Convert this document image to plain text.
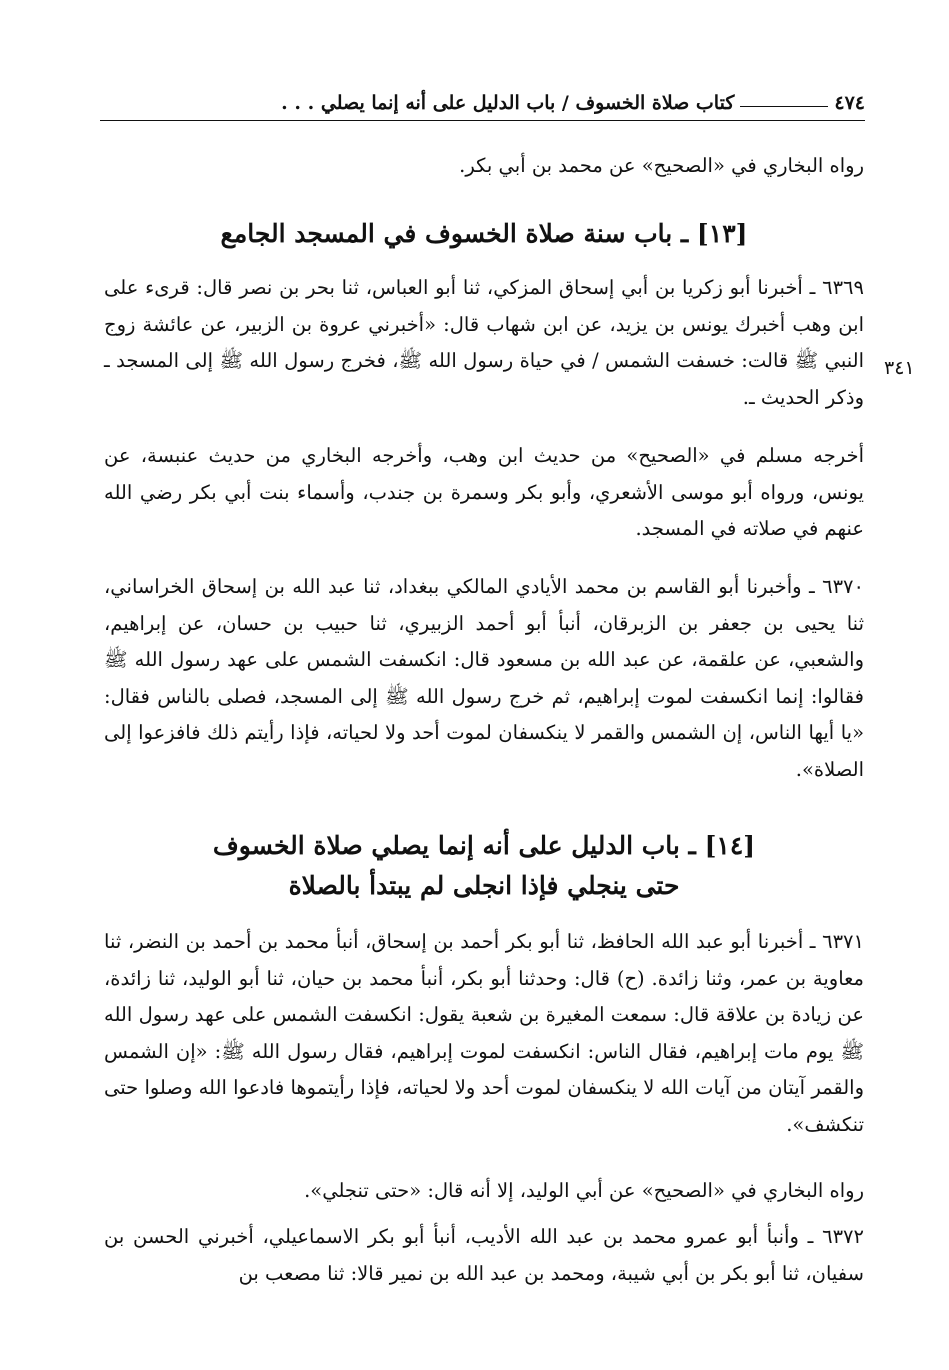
٤٧٤
كتاب صلاة الخسوف / باب الدليل على أنه إنما يصلي . . .
٣٤١

رواه البخاري في «الصحيح» عن محمد بن أبي بكر.

[١٣] ـ باب سنة صلاة الخسوف في المسجد الجامع

٦٣٦٩ ـ أخبرنا أبو زكريا بن أبي إسحاق المزكي، ثنا أبو العباس، ثنا بحر بن نصر قال: قرىء على ابن وهب أخبرك يونس بن يزيد، عن ابن شهاب قال: «أخبرني عروة بن الزبير، عن عائشة زوج النبي ﷺ قالت: خسفت الشمس / في حياة رسول الله ﷺ، فخرج رسول الله ﷺ إلى المسجد ـ وذكر الحديث ـ.

أخرجه مسلم في «الصحيح» من حديث ابن وهب، وأخرجه البخاري من حديث عنبسة، عن يونس، ورواه أبو موسى الأشعري، وأبو بكر وسمرة بن جندب، وأسماء بنت أبي بكر رضي الله عنهم في صلاته في المسجد.

٦٣٧٠ ـ وأخبرنا أبو القاسم بن محمد الأيادي المالكي ببغداد، ثنا عبد الله بن إسحاق الخراساني، ثنا يحيى بن جعفر بن الزبرقان، أنبأ أبو أحمد الزبيري، ثنا حبيب بن حسان، عن إبراهيم، والشعبي، عن علقمة، عن عبد الله بن مسعود قال: انكسفت الشمس على عهد رسول الله ﷺ فقالوا: إنما انكسفت لموت إبراهيم، ثم خرج رسول الله ﷺ إلى المسجد، فصلى بالناس فقال: «يا أيها الناس، إن الشمس والقمر لا ينكسفان لموت أحد ولا لحياته، فإذا رأيتم ذلك فافزعوا إلى الصلاة».

[١٤] ـ باب الدليل على أنه إنما يصلي صلاة الخسوف
حتى ينجلي فإذا انجلى لم يبتدأ بالصلاة

٦٣٧١ ـ أخبرنا أبو عبد الله الحافظ، ثنا أبو بكر أحمد بن إسحاق، أنبأ محمد بن أحمد بن النضر، ثنا معاوية بن عمر، وثنا زائدة. (ح) قال: وحدثنا أبو بكر، أنبأ محمد بن حيان، ثنا أبو الوليد، ثنا زائدة، عن زيادة بن علاقة قال: سمعت المغيرة بن شعبة يقول: انكسفت الشمس على عهد رسول الله ﷺ يوم مات إبراهيم، فقال الناس: انكسفت لموت إبراهيم، فقال رسول الله ﷺ: «إن الشمس والقمر آيتان من آيات الله لا ينكسفان لموت أحد ولا لحياته، فإذا رأيتموها فادعوا الله وصلوا حتى تنكشف».

رواه البخاري في «الصحيح» عن أبي الوليد، إلا أنه قال: «حتى تنجلي».

٦٣٧٢ ـ وأنبأ أبو عمرو محمد بن عبد الله الأديب، أنبأ أبو بكر الاسماعيلي، أخبرني الحسن بن سفيان، ثنا أبو بكر بن أبي شيبة، ومحمد بن عبد الله بن نمير قالا: ثنا مصعب بن
